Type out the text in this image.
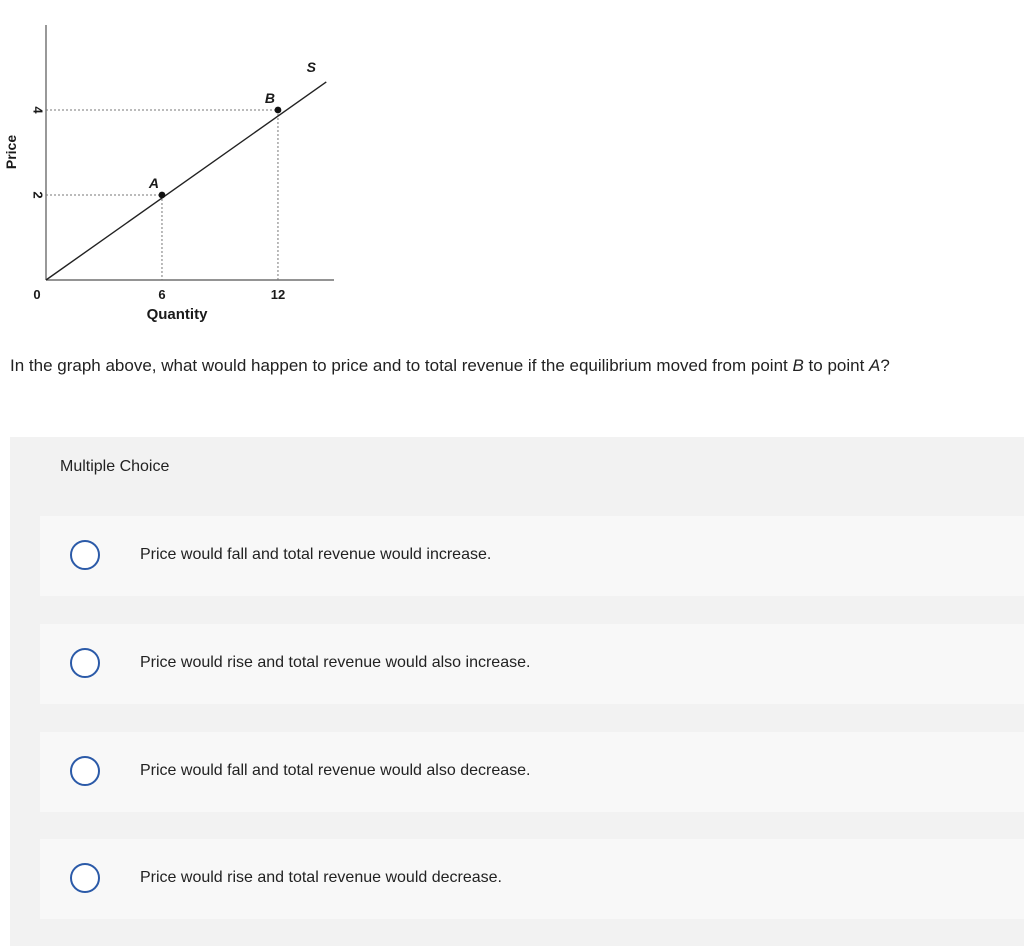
0	6	12
2
4
Quantity
Price
S
A
B
In the graph above, what would happen to price and to total revenue if the equilibrium moved from point B to point A?
Multiple Choice
Price would fall and total revenue would increase.
Price would rise and total revenue would also increase.
Price would fall and total revenue would also decrease.
Price would rise and total revenue would decrease.
